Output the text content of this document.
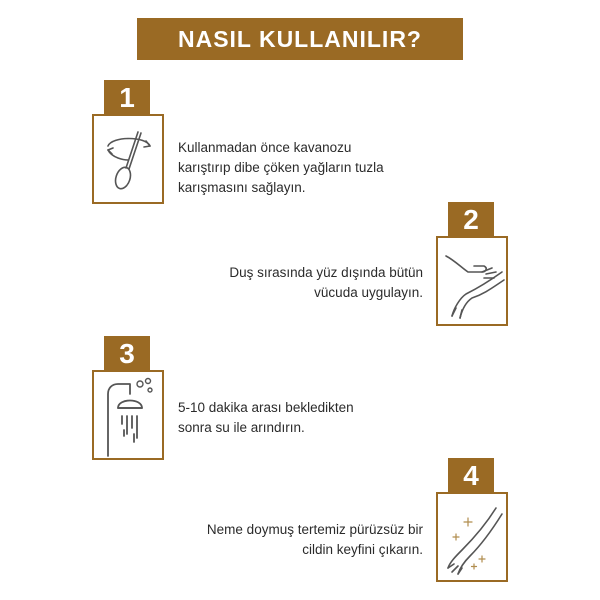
NASIL KULLANILIR?
1
Kullanmadan önce kavanozu
karıştırıp dibe çöken yağların tuzla
karışmasını sağlayın.
2
Duş sırasında yüz dışında bütün
vücuda uygulayın.
3
5-10 dakika arası bekledikten
sonra su ile arındırın.
4
Neme doymuş tertemiz pürüzsüz bir
cildin keyfini çıkarın.
